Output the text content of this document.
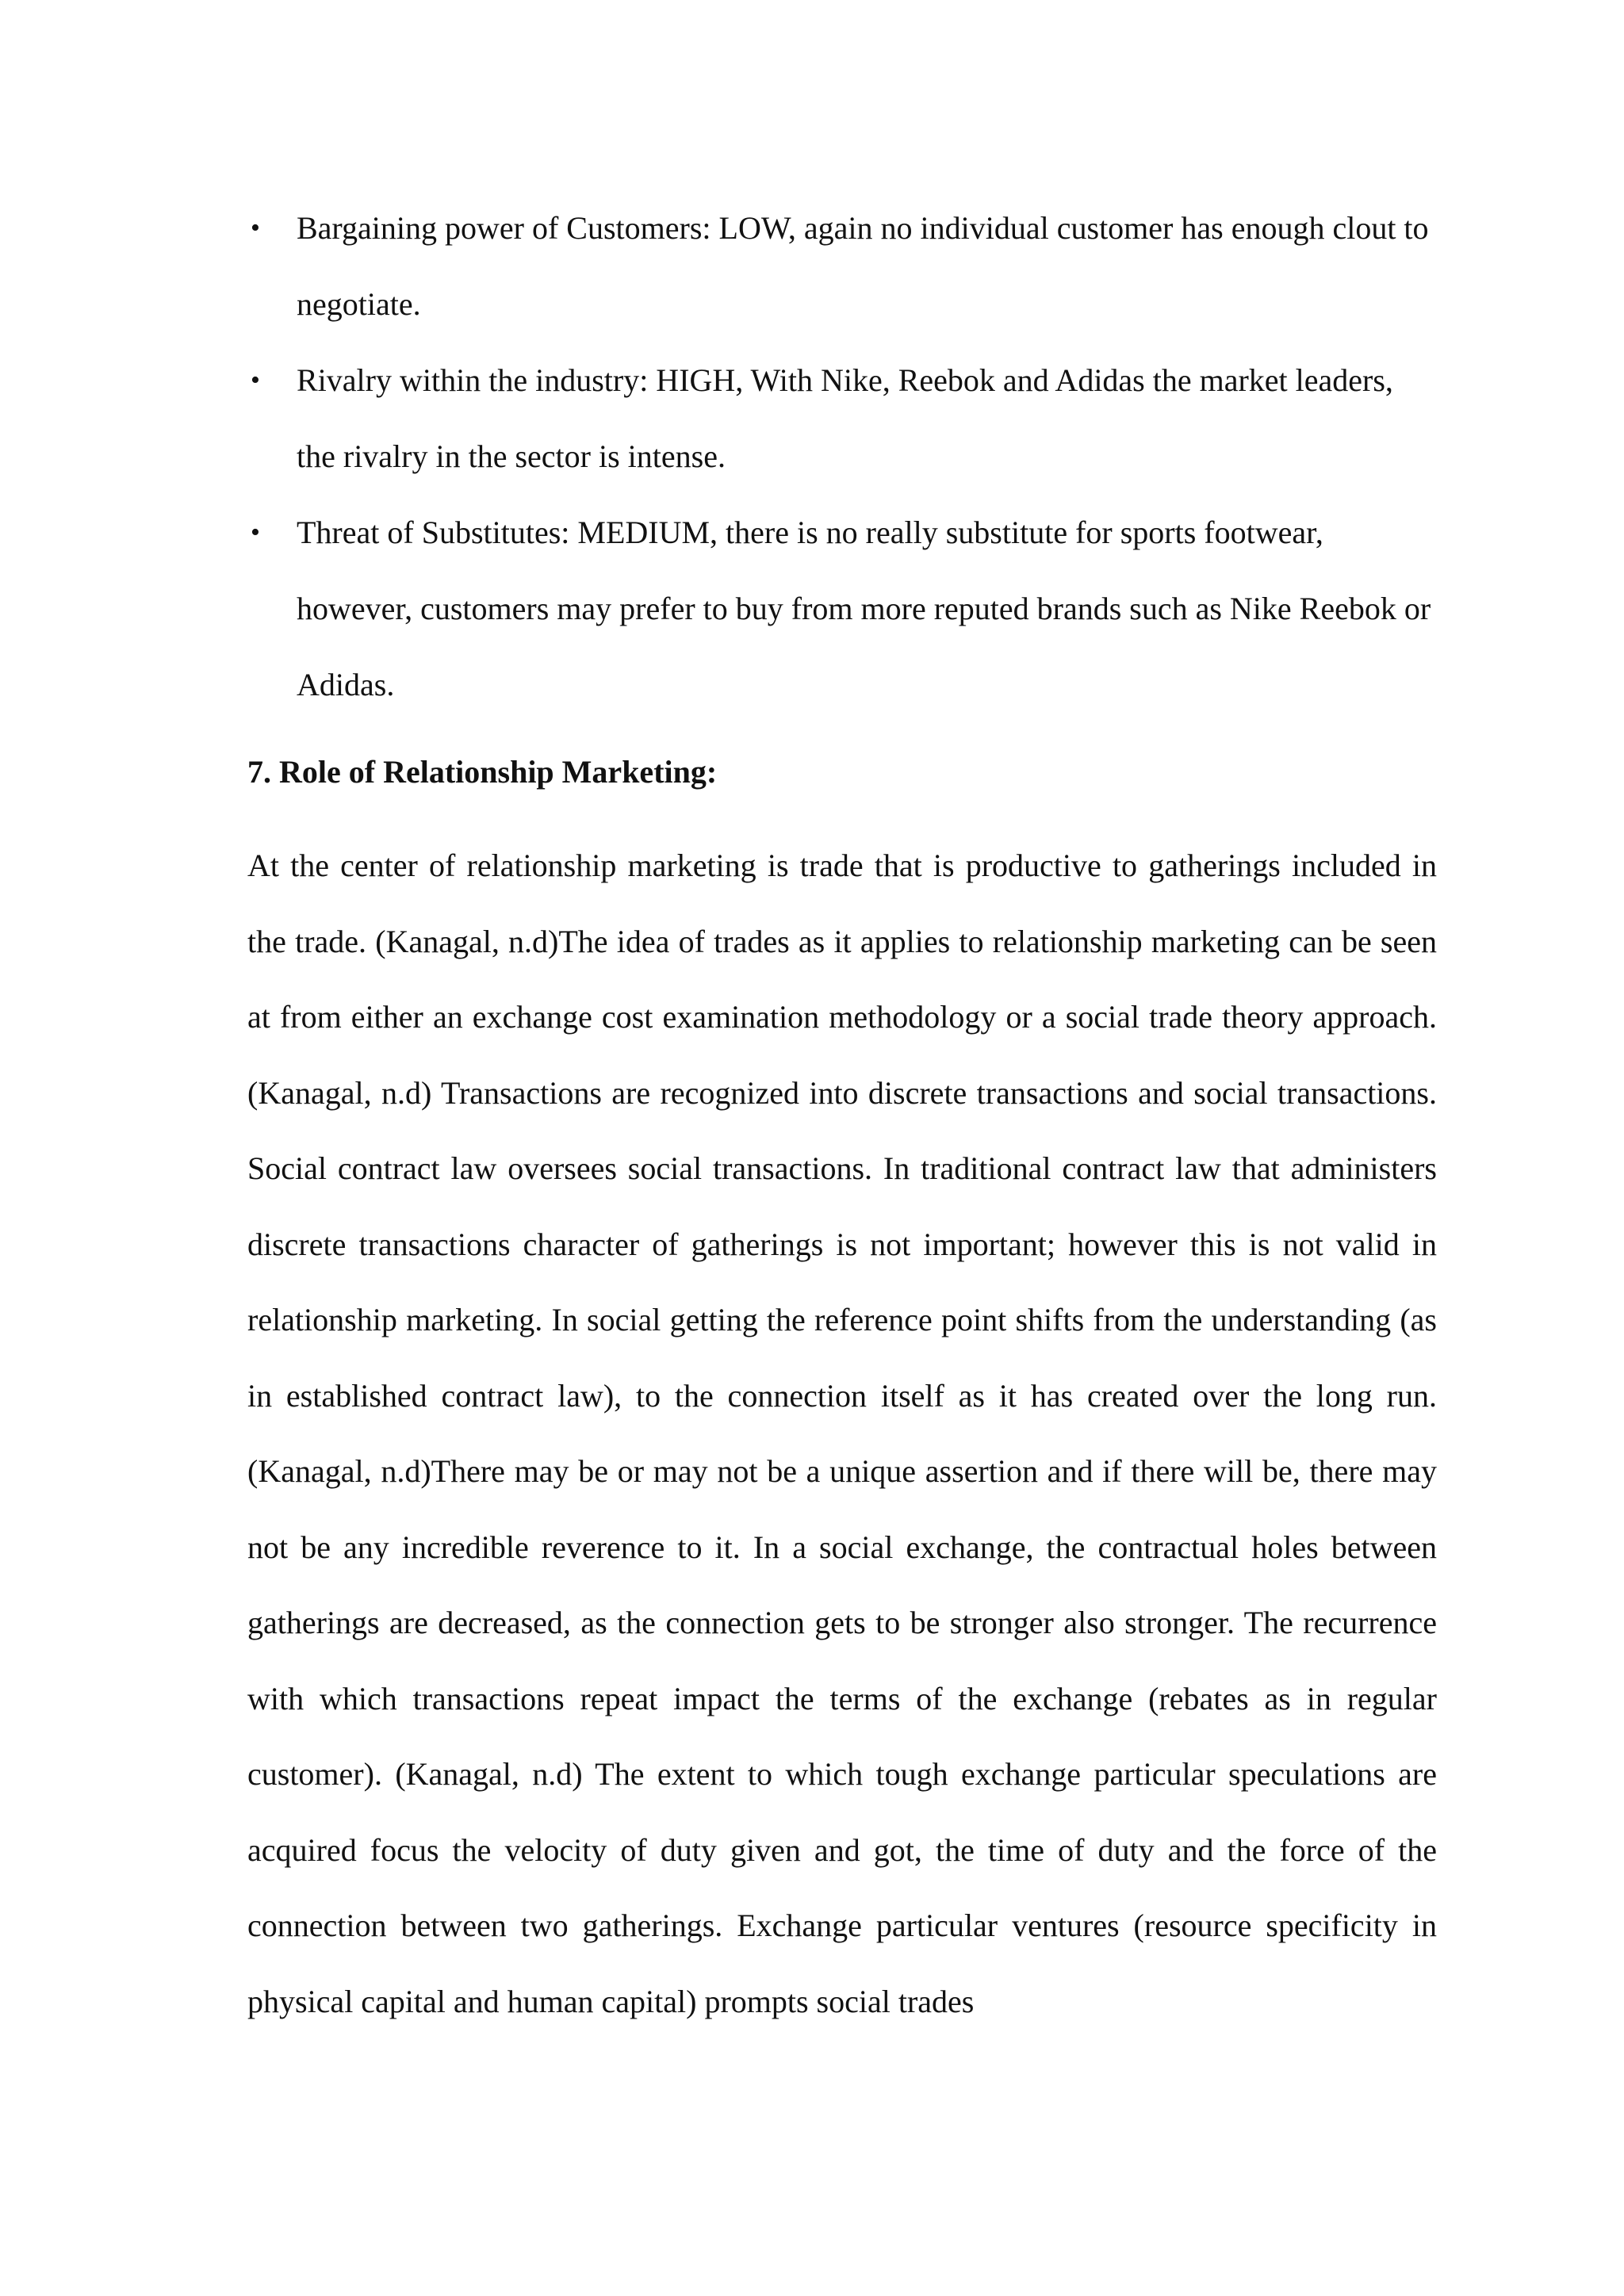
• Bargaining power of Customers: LOW, again no individual customer has enough clout to negotiate.
• Rivalry within the industry: HIGH, With Nike, Reebok and Adidas the market leaders, the rivalry in the sector is intense.
• Threat of Substitutes: MEDIUM, there is no really substitute for sports footwear, however, customers may prefer to buy from more reputed brands such as Nike Reebok or Adidas.
7. Role of Relationship Marketing:

At the center of relationship marketing is trade that is productive to gatherings included in the trade. (Kanagal, n.d)The idea of trades as it applies to relationship marketing can be seen at from either an exchange cost examination methodology or a social trade theory approach. (Kanagal, n.d) Transactions are recognized into discrete transactions and social transactions. Social contract law oversees social transactions. In traditional contract law that administers discrete transactions character of gatherings is not important; however this is not valid in relationship marketing. In social getting the reference point shifts from the understanding (as in established contract law), to the connection itself as it has created over the long run. (Kanagal, n.d)There may be or may not be a unique assertion and if there will be, there may not be any incredible reverence to it. In a social exchange, the contractual holes between gatherings are decreased, as the connection gets to be stronger also stronger. The recurrence with which transactions repeat impact the terms of the exchange (rebates as in regular customer). (Kanagal, n.d) The extent to which tough exchange particular speculations are acquired focus the velocity of duty given and got, the time of duty and the force of the connection between two gatherings. Exchange particular ventures (resource specificity in physical capital and human capital) prompts social trades
